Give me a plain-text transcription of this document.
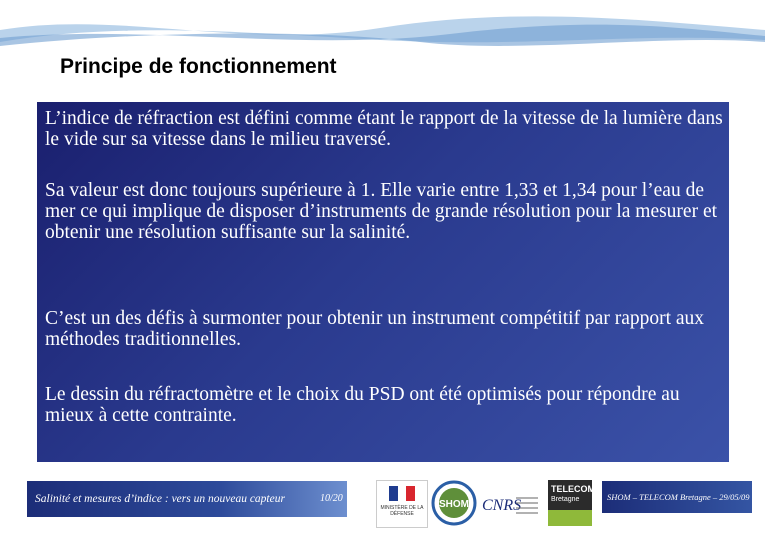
Principe de fonctionnement

L’indice de réfraction est défini comme étant le rapport de la vitesse de la lumière dans le vide sur sa vitesse dans le milieu traversé.

Sa valeur est donc toujours supérieure à 1. Elle varie entre 1,33 et 1,34 pour l’eau de mer ce qui implique de disposer d’instruments de grande résolution pour la mesurer et obtenir une résolution suffisante sur la salinité.

C’est un des défis à surmonter pour obtenir un instrument compétitif par rapport aux méthodes traditionnelles.

Le dessin du réfractomètre et le choix du PSD ont été optimisés pour répondre au mieux à cette contrainte.

Salinité et mesures d’indice : vers un nouveau capteur	10/20
MINISTÈRE DE LA DÉFENSE
SHOM CNRS
TELECOM
Bretagne	SHOM – TELECOM Bretagne – 29/05/09
